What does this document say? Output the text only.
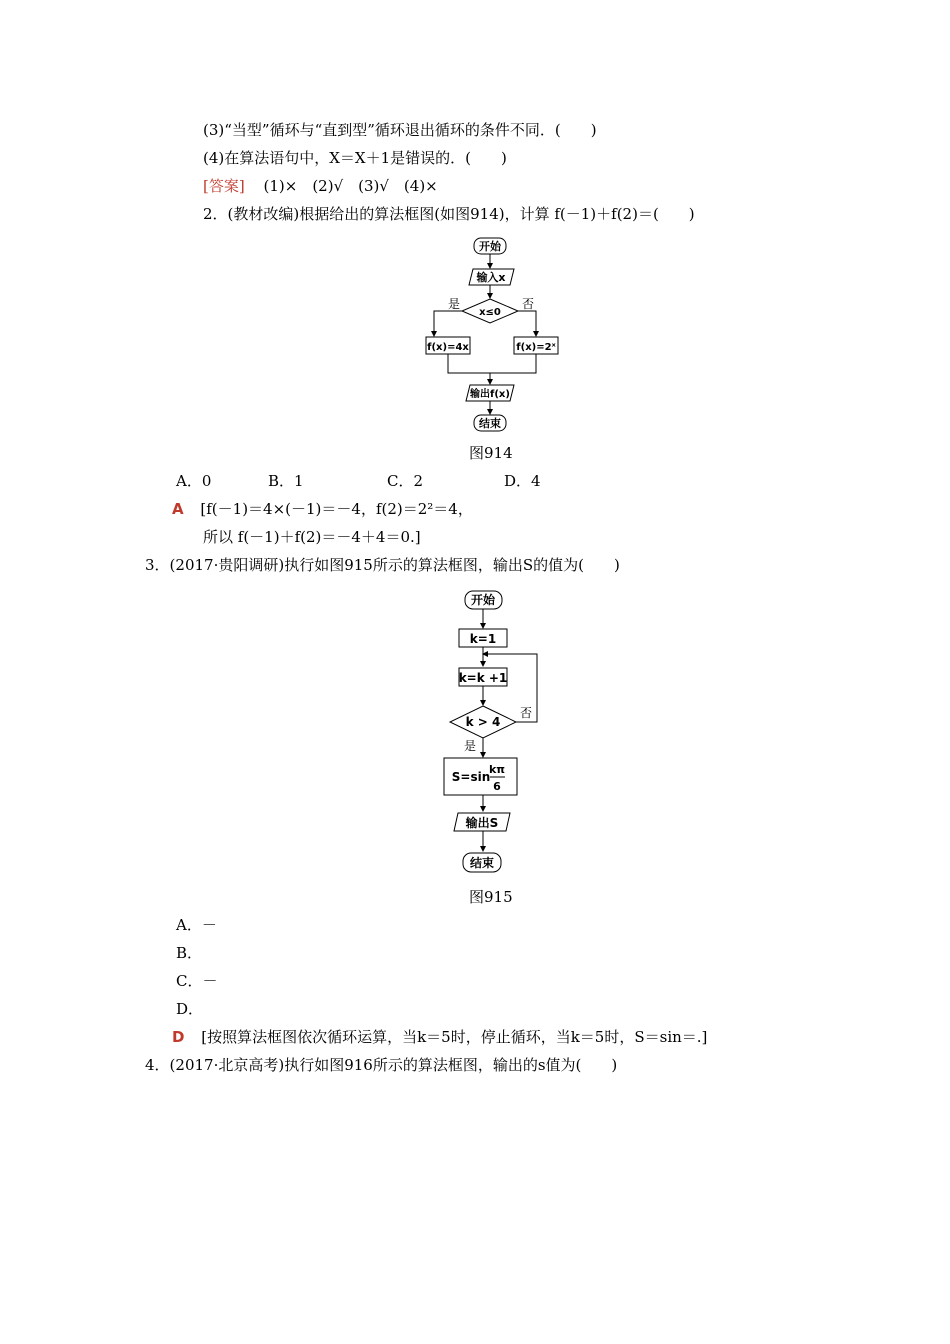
(3)“当型”循环与“直到型”循环退出循环的条件不同．(　　)
(4)在算法语句中，X＝X＋1是错误的．(　　)
[答案] (1)×　(2)√　(3)√　(4)×
2．(教材改编)根据给出的算法框图(如图914)，计算 f(－1)＋f(2)＝(　　)
开始
输入x
x≤0
是	否
f(x)=4x	f(x)=2ˣ
输出f(x)
结束
图914
A．0	B．1	C．2	D．4
A [f(－1)＝4×(－1)＝－4，f(2)＝2²＝4，
所以 f(－1)＋f(2)＝－4＋4＝0.]
3．(2017·贵阳调研)执行如图915所示的算法框图，输出S的值为(　　)
开始
k=1
k=k +1
k > 4
否
是
S=sin
kπ
6
输出S
结束
图915
A．－
B．
C．－
D．
D [按照算法框图依次循环运算，当k＝5时，停止循环，当k＝5时，S＝sin＝.]
4．(2017·北京高考)执行如图916所示的算法框图，输出的s值为(　　)
